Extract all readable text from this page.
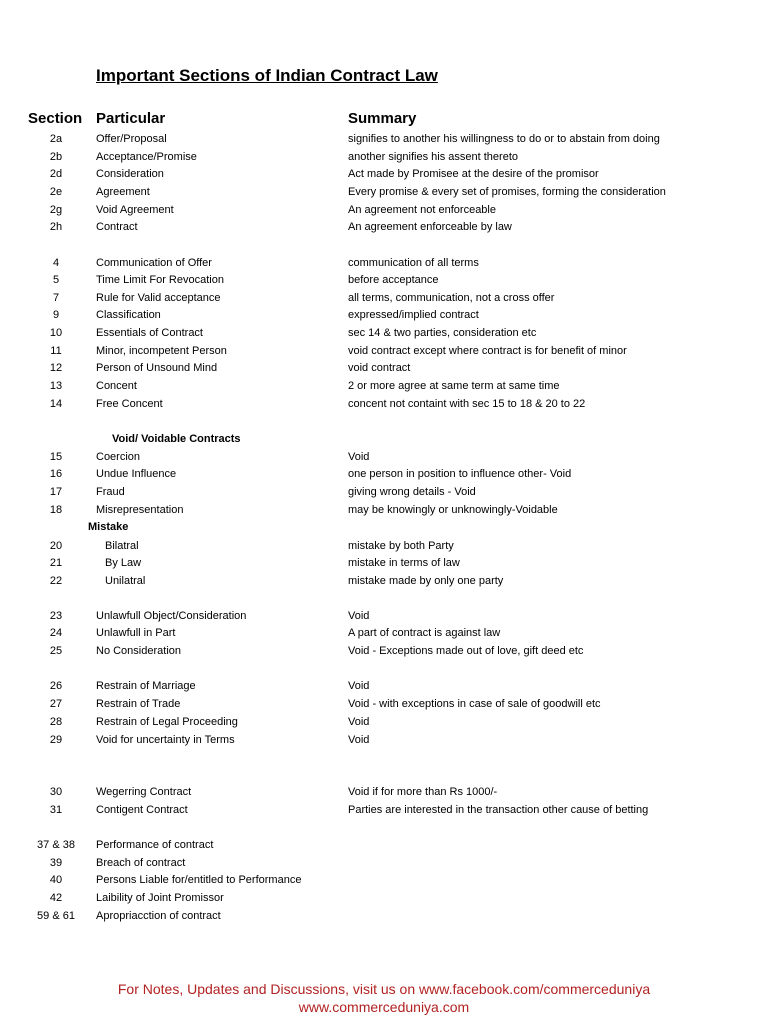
Important Sections of Indian Contract Law
Section Particular	Summary
2a	Offer/Proposal	signifies to another his willingness to do or to abstain from doing
2b	Acceptance/Promise	another signifies his assent thereto
2d	Consideration	Act made by Promisee at the desire of the promisor
2e	Agreement	Every promise & every set of promises, forming the consideration
2g	Void Agreement	An agreement not enforceable
2h	Contract	An agreement enforceable by law
4	Communication of Offer	communication of all terms
5	Time Limit For Revocation	before acceptance
7	Rule for Valid acceptance	all terms, communication, not a cross offer
9	Classification	expressed/implied contract
10	Essentials of Contract	sec 14 & two parties, consideration etc
11	Minor, incompetent Person	void contract except where contract is for benefit of minor
12	Person of Unsound Mind	void contract
13	Concent	2 or more agree at same term at same time
14	Free Concent	concent not containt with sec 15 to 18 & 20 to 22
Void/ Voidable Contracts
15	Coercion	Void
16	Undue Influence	one person in position to influence other- Void
17	Fraud	giving wrong details - Void
18	Misrepresentation	may be knowingly or unknowingly-Voidable
Mistake
20	Bilatral	mistake by both Party
21	By Law	mistake in terms of law
22	Unilatral	mistake made by only one party
23	Unlawfull Object/Consideration	Void
24	Unlawfull in Part	A part of contract is against law
25	No Consideration	Void - Exceptions made out of love, gift deed etc
26	Restrain of Marriage	Void
27	Restrain of Trade	Void - with exceptions in case of sale of goodwill etc
28	Restrain of Legal Proceeding	Void
29	Void for uncertainty in Terms	Void
30	Wegerring Contract	Void if for more than Rs 1000/-
31	Contigent Contract	Parties are interested in the transaction other cause of betting
37 & 38	Performance of contract
39	Breach of contract
40	Persons Liable for/entitled to Performance
42	Laibility of Joint Promissor
59 & 61	Apropriacction of contract
For Notes, Updates and Discussions, visit us on www.facebook.com/commerceduniya
www.commerceduniya.com
